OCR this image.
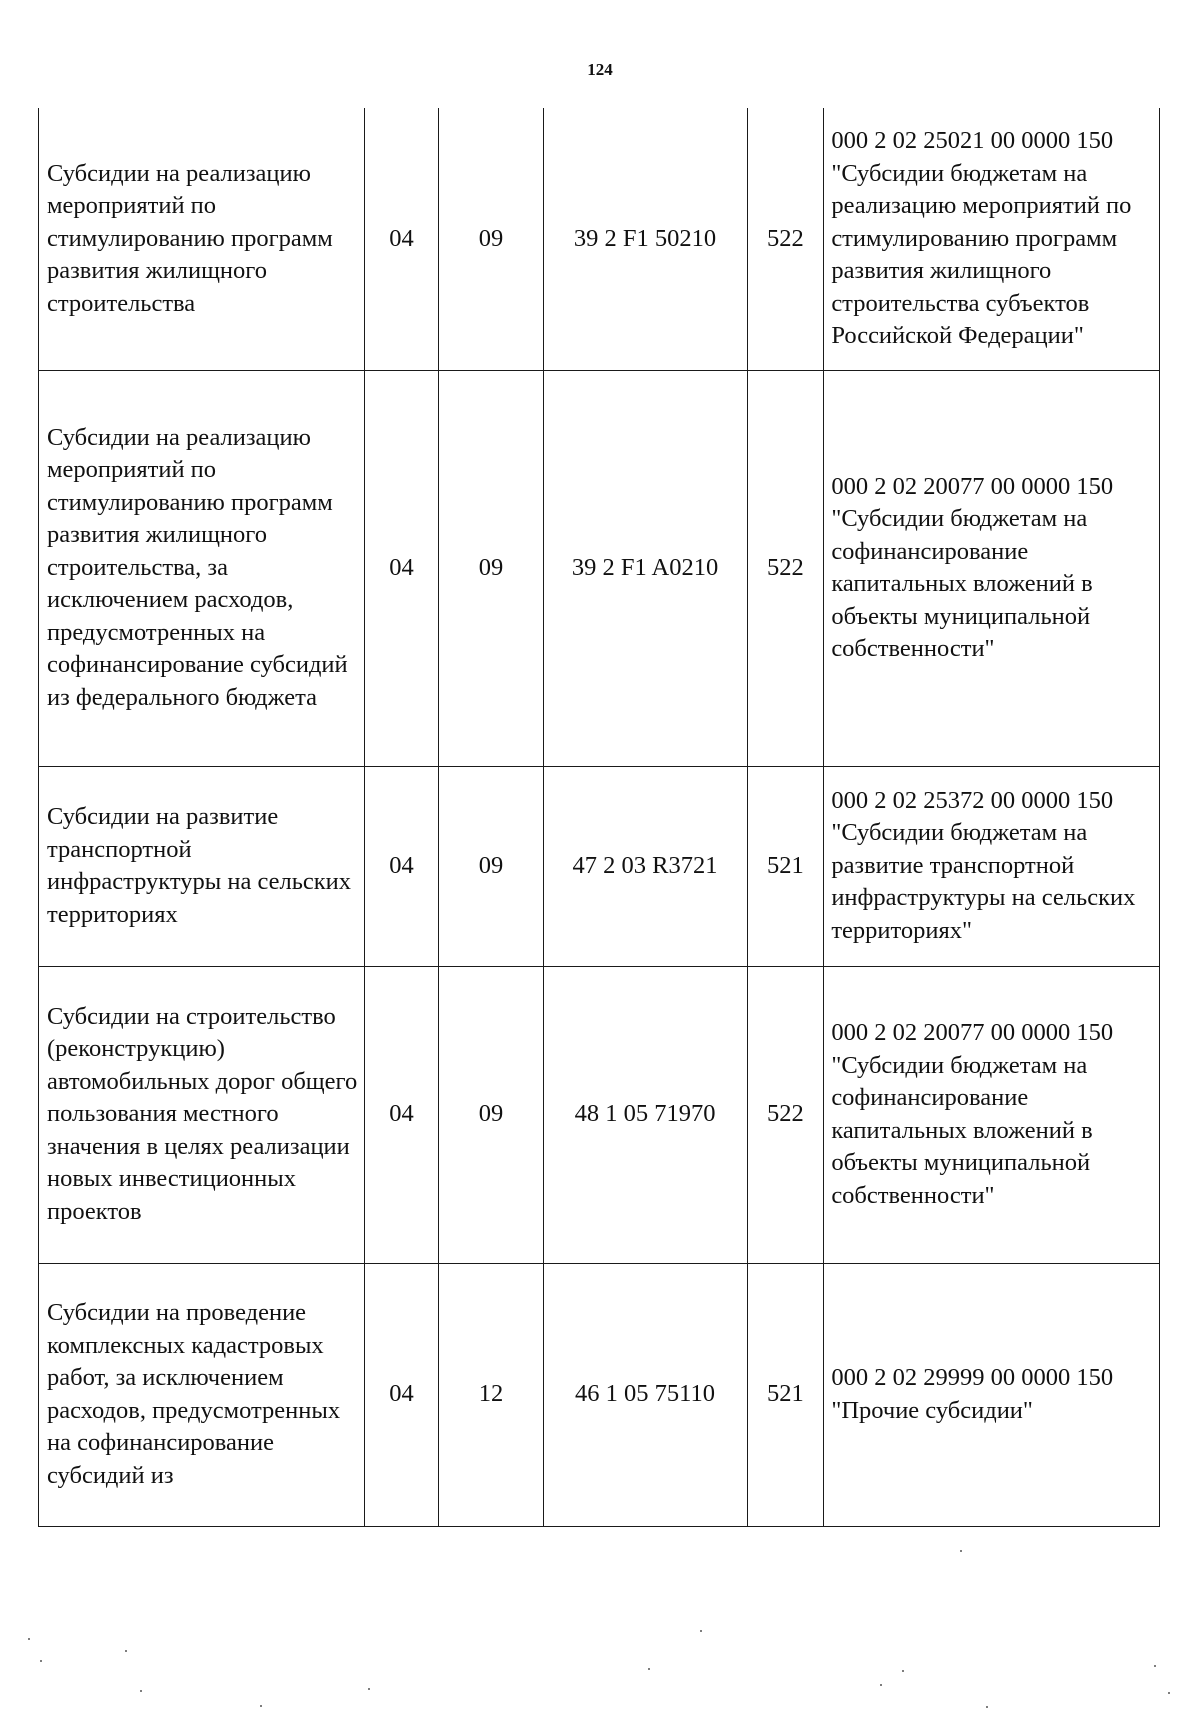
124
Субсидии на реализацию мероприятий по стимулированию программ развития жилищного строительства	04	09	39 2 F1 50210	522	000 2 02 25021 00 0000 150 "Субсидии бюджетам на реализацию мероприятий по стимулированию программ развития жилищного строительства субъектов Российской Федерации"
Субсидии на реализацию мероприятий по стимулированию программ развития жилищного строительства, за исключением расходов, предусмотренных на софинансирование субсидий из федерального бюджета	04	09	39 2 F1 A0210	522	000 2 02 20077 00 0000 150 "Субсидии бюджетам на софинансирование капитальных вложений в объекты муниципальной собственности"
Субсидии на развитие транспортной инфраструктуры на сельских территориях	04	09	47 2 03 R3721	521	000 2 02 25372 00 0000 150 "Субсидии бюджетам на развитие транспортной инфраструктуры на сельских территориях"
Субсидии на строительство (реконструкцию) автомобильных дорог общего пользования местного значения в целях реализации новых инвестиционных проектов	04	09	48 1 05 71970	522	000 2 02 20077 00 0000 150 "Субсидии бюджетам на софинансирование капитальных вложений в объекты муниципальной собственности"
Субсидии на проведение комплексных кадастровых работ, за исключением расходов, предусмотренных на софинансирование субсидий из	04	12	46 1 05 75110	521	000 2 02 29999 00 0000 150 "Прочие субсидии"
